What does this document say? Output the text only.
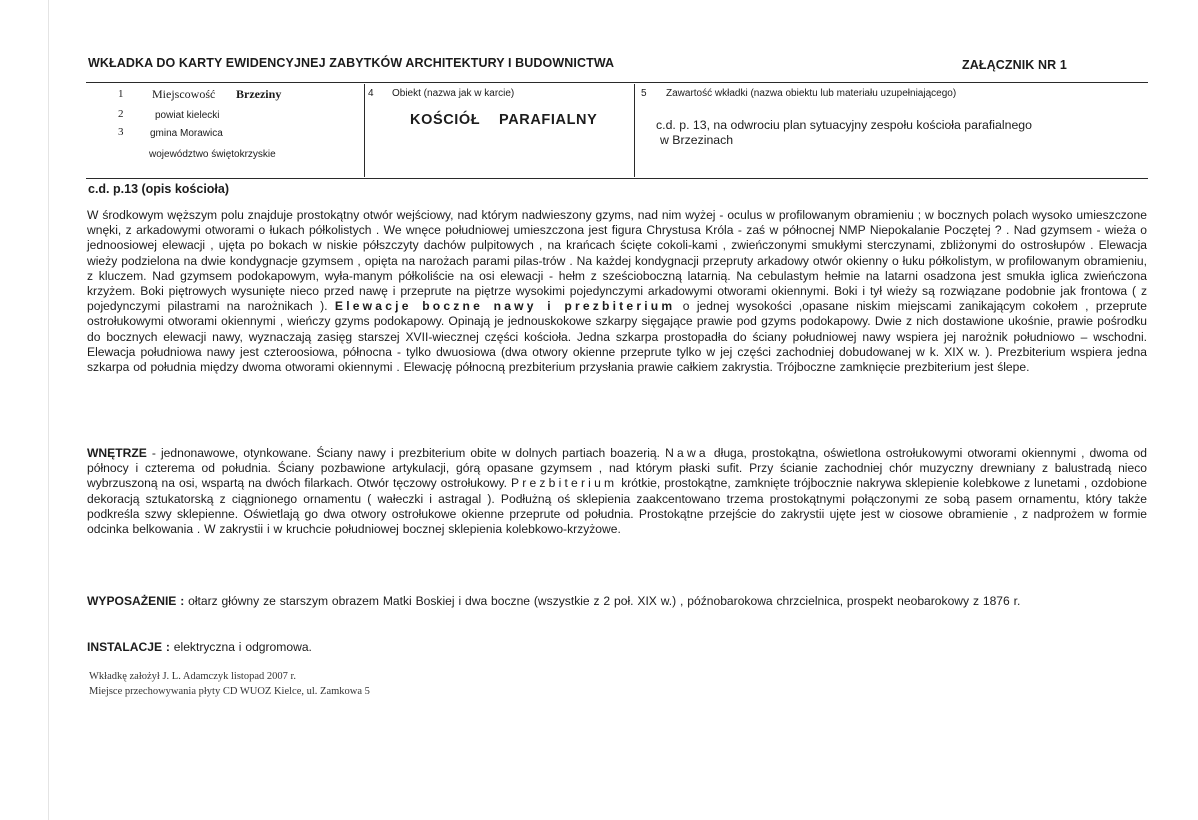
WKŁADKA DO KARTY EWIDENCYJNEJ ZABYTKÓW ARCHITEKTURY I BUDOWNICTWA	ZAŁĄCZNIK NR 1
1 Miejscowość Brzeziny
2	powiat kielecki
3	gmina Morawica
województwo świętokrzyskie
4 Obiekt (nazwa jak w karcie)
KOŚCIÓŁ PARAFIALNY
5 Zawartość wkładki (nazwa obiektu lub materiału uzupełniającego)
c.d. p. 13, na odwrociu plan sytuacyjny zespołu kościoła parafialnego
w Brzezinach
c.d. p.13 (opis kościoła)
W środkowym węższym polu znajduje prostokątny otwór wejściowy, nad którym nadwieszony gzyms, nad nim wyżej - oculus w profilowanym obramieniu ; w bocznych polach wysoko umieszczone wnęki, z arkadowymi otworami o łukach półkolistych . We wnęce południowej umieszczona jest figura Chrystusa Króla - zaś w północnej NMP Niepokalanie Poczętej ? . Nad gzymsem - wieża o jednoosiowej elewacji , ujęta po bokach w niskie półszczyty dachów pulpitowych , na krańcach ścięte cokoli-kami , zwieńczonymi smukłymi sterczynami, zbliżonymi do ostrosłupów . Elewacja wieży podzielona na dwie kondygnacje gzymsem , opięta na narożach parami pilas-trów . Na każdej kondygnacji przepruty arkadowy otwór okienny o łuku półkolistym, w profilowanym obramieniu, z kluczem. Nad gzymsem podokapowym, wyła-manym półkoliście na osi elewacji - hełm z sześcioboczną latarnią. Na cebulastym hełmie na latarni osadzona jest smukła iglica zwieńczona krzyżem. Boki piętrowych wysunięte nieco przed nawę i przeprute na piętrze wysokimi pojedynczymi arkadowymi otworami okiennymi. Boki i tył wieży są rozwiązane podobnie jak frontowa ( z pojedynczymi pilastrami na narożnikach ). Elewacje boczne nawy i prezbiterium o jednej wysokości ,opasane niskim miejscami zanikającym cokołem , przeprute ostrołukowymi otworami okiennymi , wieńczy gzyms podokapowy. Opinają je jednouskokowe szkarpy sięgające prawie pod gzyms podokapowy. Dwie z nich dostawione ukośnie, prawie pośrodku do bocznych elewacji nawy, wyznaczają zasięg starszej XVII-wiecznej części kościoła. Jedna szkarpa prostopadła do ściany południowej nawy wspiera jej narożnik południowo – wschodni. Elewacja południowa nawy jest czteroosiowa, północna - tylko dwuosiowa (dwa otwory okienne przeprute tylko w jej części zachodniej dobudowanej w k. XIX w. ). Prezbiterium wspiera jedna szkarpa od południa między dwoma otworami okiennymi . Elewację północną prezbiterium przysłania prawie całkiem zakrystia. Trójboczne zamknięcie prezbiterium jest ślepe.
WNĘTRZE - jednonawowe, otynkowane. Ściany nawy i prezbiterium obite w dolnych partiach boazerią. Nawa długa, prostokątna, oświetlona ostrołukowymi otworami okiennymi , dwoma od północy i czterema od południa. Ściany pozbawione artykulacji, górą opasane gzymsem , nad którym płaski sufit. Przy ścianie zachodniej chór muzyczny drewniany z balustradą nieco wybrzuszoną na osi, wspartą na dwóch filarkach. Otwór tęczowy ostrołukowy. Prezbiterium krótkie, prostokątne, zamknięte trójbocznie nakrywa sklepienie kolebkowe z lunetami , ozdobione dekoracją sztukatorską z ciągnionego ornamentu ( wałeczki i astragal ). Podłużną oś sklepienia zaakcentowano trzema prostokątnymi połączonymi ze sobą pasem ornamentu, który także podkreśla szwy sklepienne. Oświetlają go dwa otwory ostrołukowe okienne przeprute od południa. Prostokątne przejście do zakrystii ujęte jest w ciosowe obramienie , z nadprożem w formie odcinka belkowania . W zakrystii i w kruchcie południowej bocznej sklepienia kolebkowo-krzyżowe.
WYPOSAŻENIE : ołtarz główny ze starszym obrazem Matki Boskiej i dwa boczne (wszystkie z 2 poł. XIX w.) , późnobarokowa chrzcielnica, prospekt neobarokowy z 1876 r.
INSTALACJE : elektryczna i odgromowa.
Wkładkę założył J. L. Adamczyk listopad 2007 r.
Miejsce przechowywania płyty CD WUOZ Kielce, ul. Zamkowa 5
